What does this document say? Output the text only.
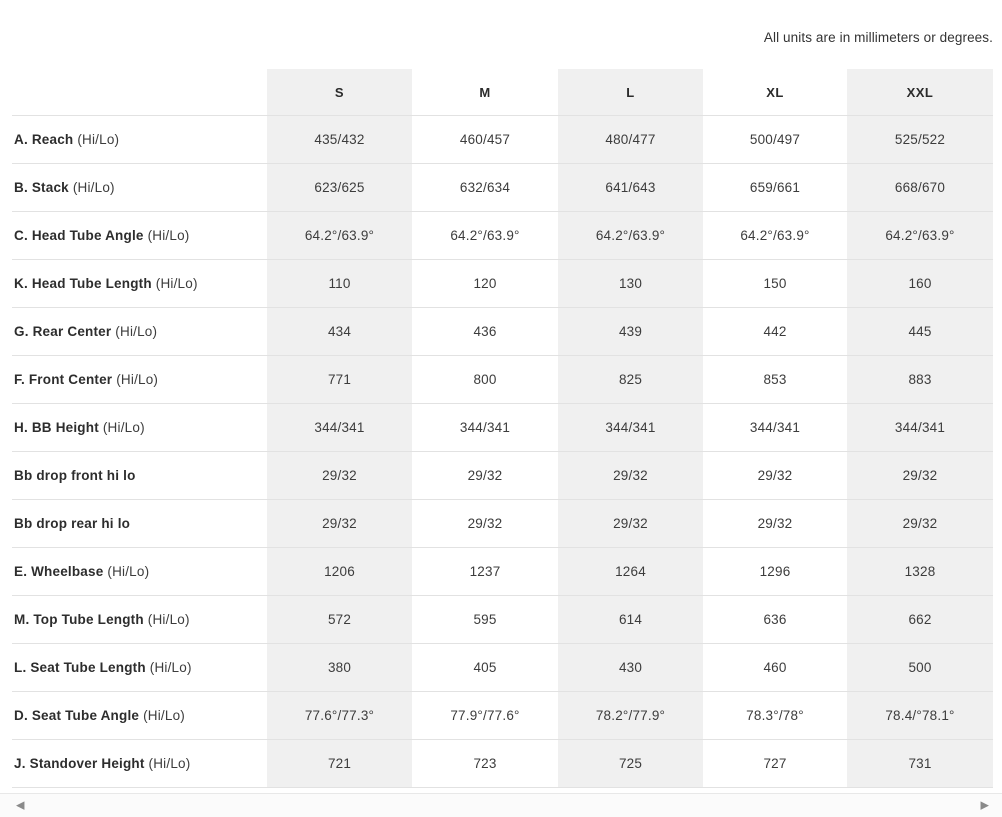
All units are in millimeters or degrees.
	S	M	L	XL	XXL
A. Reach (Hi/Lo)	435/432	460/457	480/477	500/497	525/522
B. Stack (Hi/Lo)	623/625	632/634	641/643	659/661	668/670
C. Head Tube Angle (Hi/Lo)	64.2°/63.9°	64.2°/63.9°	64.2°/63.9°	64.2°/63.9°	64.2°/63.9°
K. Head Tube Length (Hi/Lo)	110	120	130	150	160
G. Rear Center (Hi/Lo)	434	436	439	442	445
F. Front Center (Hi/Lo)	771	800	825	853	883
H. BB Height (Hi/Lo)	344/341	344/341	344/341	344/341	344/341
Bb drop front hi lo	29/32	29/32	29/32	29/32	29/32
Bb drop rear hi lo	29/32	29/32	29/32	29/32	29/32
E. Wheelbase (Hi/Lo)	1206	1237	1264	1296	1328
M. Top Tube Length (Hi/Lo)	572	595	614	636	662
L. Seat Tube Length (Hi/Lo)	380	405	430	460	500
D. Seat Tube Angle (Hi/Lo)	77.6°/77.3°	77.9°/77.6°	78.2°/77.9°	78.3°/78°	78.4/°78.1°
J. Standover Height (Hi/Lo)	721	723	725	727	731
◀	▶
